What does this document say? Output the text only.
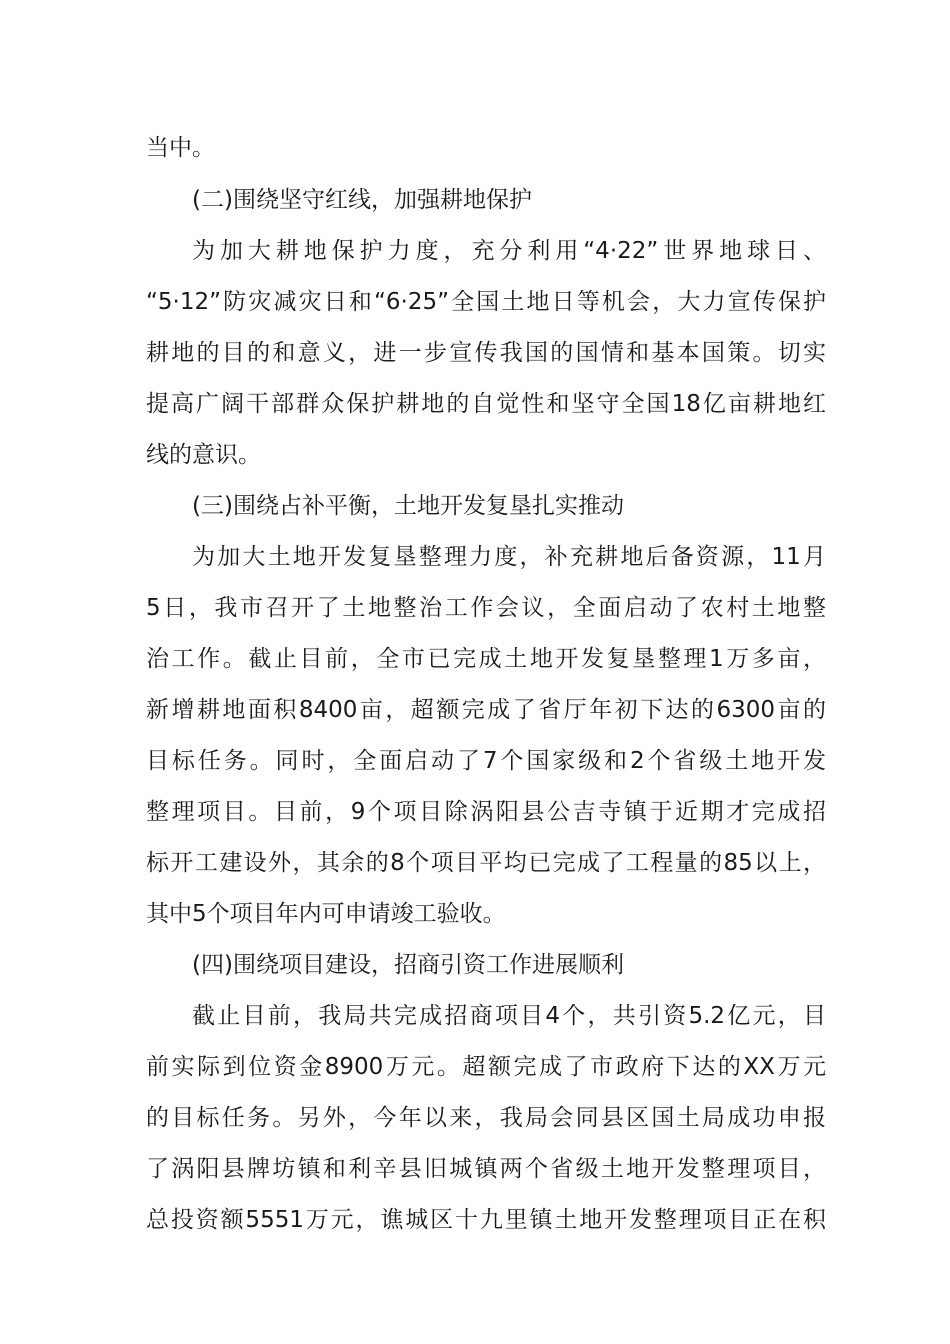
当中。
(二)围绕坚守红线，加强耕地保护
为加大耕地保护力度，充分利用“4·22”世界地球日、
“5·12”防灾减灾日和“6·25”全国土地日等机会，大力宣传保护
耕地的目的和意义，进一步宣传我国的国情和基本国策。切实
提高广阔干部群众保护耕地的自觉性和坚守全国18亿亩耕地红
线的意识。
(三)围绕占补平衡，土地开发复垦扎实推动
为加大土地开发复垦整理力度，补充耕地后备资源，11月
5日，我市召开了土地整治工作会议，全面启动了农村土地整
治工作。截止目前，全市已完成土地开发复垦整理1万多亩，
新增耕地面积8400亩，超额完成了省厅年初下达的6300亩的
目标任务。同时，全面启动了7个国家级和2个省级土地开发
整理项目。目前，9个项目除涡阳县公吉寺镇于近期才完成招
标开工建设外，其余的8个项目平均已完成了工程量的85以上，
其中5个项目年内可申请竣工验收。
(四)围绕项目建设，招商引资工作进展顺利
截止目前，我局共完成招商项目4个，共引资5.2亿元，目
前实际到位资金8900万元。超额完成了市政府下达的XX万元
的目标任务。另外，今年以来，我局会同县区国土局成功申报
了涡阳县牌坊镇和利辛县旧城镇两个省级土地开发整理项目，
总投资额5551万元，谯城区十九里镇土地开发整理项目正在积
